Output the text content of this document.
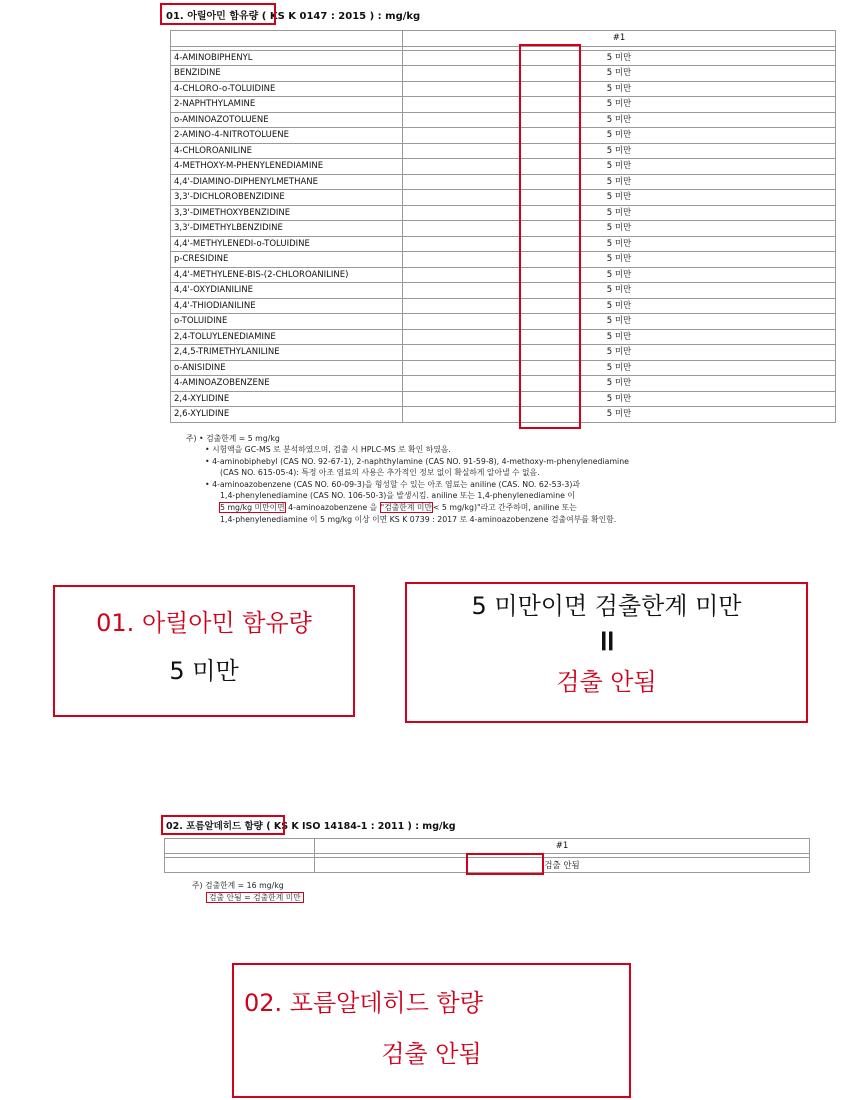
01. 아릴아민 함유량 ( KS K 0147 : 2015 ) : mg/kg
	#1

4-AMINOBIPHENYL	5 미만
BENZIDINE	5 미만
4-CHLORO-o-TOLUIDINE	5 미만
2-NAPHTHYLAMINE	5 미만
o-AMINOAZOTOLUENE	5 미만
2-AMINO-4-NITROTOLUENE	5 미만
4-CHLOROANILINE	5 미만
4-METHOXY-M-PHENYLENEDIAMINE	5 미만
4,4'-DIAMINO-DIPHENYLMETHANE	5 미만
3,3'-DICHLOROBENZIDINE	5 미만
3,3'-DIMETHOXYBENZIDINE	5 미만
3,3'-DIMETHYLBENZIDINE	5 미만
4,4'-METHYLENEDI-o-TOLUIDINE	5 미만
p-CRESIDINE	5 미만
4,4'-METHYLENE-BIS-(2-CHLOROANILINE)	5 미만
4,4'-OXYDIANILINE	5 미만
4,4'-THIODIANILINE	5 미만
o-TOLUIDINE	5 미만
2,4-TOLUYLENEDIAMINE	5 미만
2,4,5-TRIMETHYLANILINE	5 미만
o-ANISIDINE	5 미만
4-AMINOAZOBENZENE	5 미만
2,4-XYLIDINE	5 미만
2,6-XYLIDINE	5 미만
주) • 검출한계 = 5 mg/kg
• 시험액을 GC-MS 로 분석하였으며, 검출 시 HPLC-MS 로 확인 하였음.
• 4-aminobiphebyl (CAS NO. 92-67-1), 2-naphthylamine (CAS NO. 91-59-8), 4-methoxy-m-phenylenediamine
(CAS NO. 615-05-4): 특정 아조 염료의 사용은 추가적인 정보 없이 확실하게 알아낼 수 없음.
• 4-aminoazobenzene (CAS NO. 60-09-3)을 형성할 수 있는 아조 염료는 aniline (CAS. NO. 62-53-3)과
1,4-phenylenediamine (CAS NO. 106-50-3)을 발생시킴. aniline 또는 1,4-phenylenediamine 이
5 mg/kg 미만이면 4-aminoazobenzene 을 "검출한계 미만< 5 mg/kg)"라고 간주하며, aniline 또는
1,4-phenylenediamine 이 5 mg/kg 이상 이면 KS K 0739 : 2017 로 4-aminoazobenzene 검출여부를 확인함.
01. 아릴아민 함유량
5 미만
5 미만이면 검출한계 미만
=
검출 안됨
02. 포름알데히드 함량 ( KS K ISO 14184-1 : 2011 ) : mg/kg
	#1

	검출 안됨
주) 검출한계 = 16 mg/kg
검출 안됨 = 검출한계 미만
02. 포름알데히드 함량
검출 안됨
